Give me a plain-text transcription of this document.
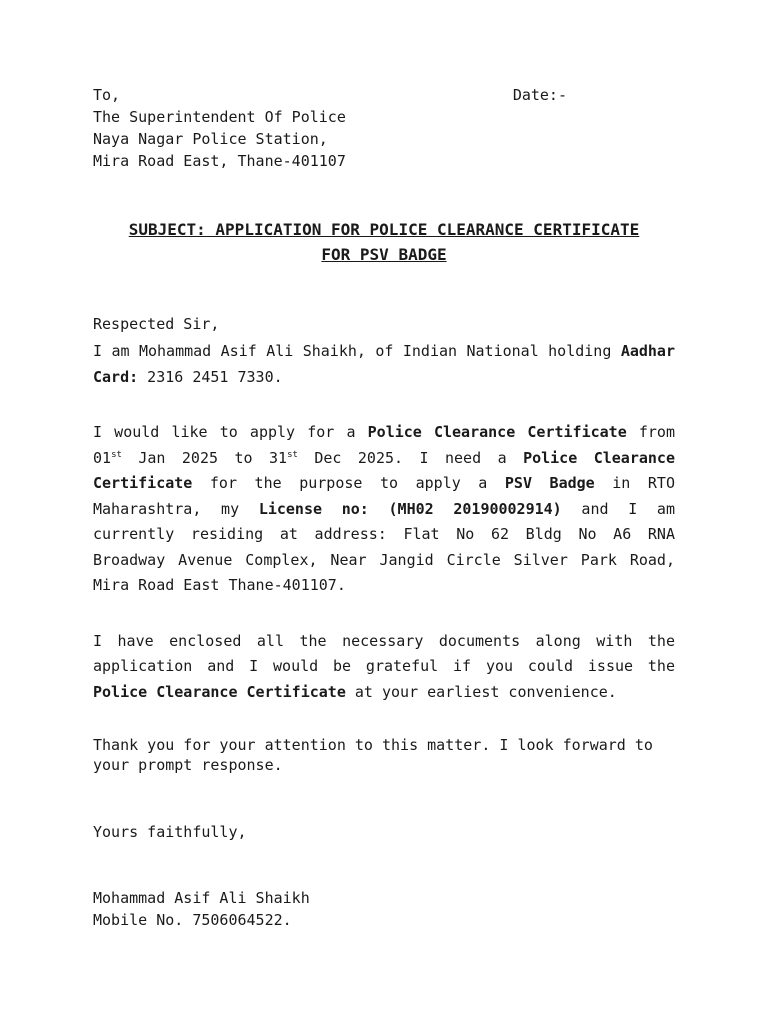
To,	Date:-
The Superintendent Of Police
Naya Nagar Police Station,
Mira Road East, Thane-401107
SUBJECT: APPLICATION FOR POLICE CLEARANCE CERTIFICATE
FOR PSV BADGE
Respected Sir,
I am Mohammad Asif Ali Shaikh, of Indian National holding Aadhar Card: 2316 2451 7330.
I would like to apply for a Police Clearance Certificate from 01st Jan 2025 to 31st Dec 2025. I need a Police Clearance Certificate for the purpose to apply a PSV Badge in RTO Maharashtra, my License no: (MH02 20190002914) and I am currently residing at address: Flat No 62 Bldg No A6 RNA Broadway Avenue Complex, Near Jangid Circle Silver Park Road, Mira Road East Thane-401107.
I have enclosed all the necessary documents along with the application and I would be grateful if you could issue the Police Clearance Certificate at your earliest convenience.
Thank you for your attention to this matter. I look forward to your prompt response.
Yours faithfully,
Mohammad Asif Ali Shaikh
Mobile No. 7506064522.
